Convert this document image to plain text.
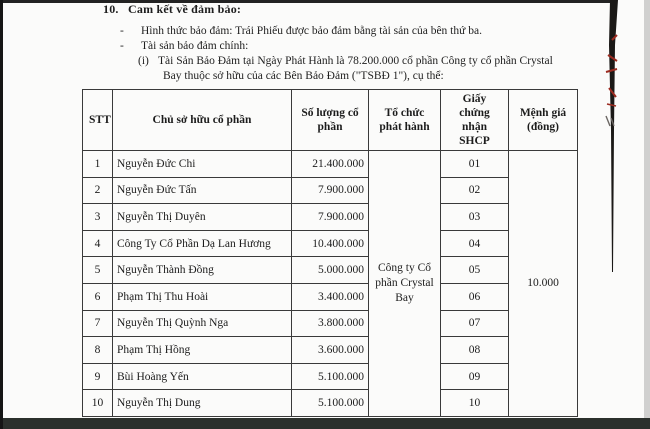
10. Cam kết về đảm bảo:
- Hình thức bảo đảm: Trái Phiếu được bảo đảm bằng tài sản của bên thứ ba.
- Tài sản bảo đảm chính:
(i) Tài Sản Bảo Đảm tại Ngày Phát Hành là 78.200.000 cổ phần Công ty cổ phần Crystal
Bay thuộc sở hữu của các Bên Bảo Đảm ("TSBĐ 1"), cụ thể:
STT	Chủ sở hữu cổ phần	Số lượng cổ phần	Tổ chức phát hành	Giấy chứng nhận SHCP	Mệnh giá (đồng)
1	Nguyễn Đức Chi	21.400.000	Công ty Cổ phần Crystal Bay	01	10.000
2	Nguyễn Đức Tấn	7.900.000		02	
3	Nguyễn Thị Duyên	7.900.000		03	
4	Công Ty Cổ Phần Dạ Lan Hương	10.400.000		04	
5	Nguyễn Thành Đồng	5.000.000		05	
6	Phạm Thị Thu Hoài	3.400.000		06	
7	Nguyễn Thị Quỳnh Nga	3.800.000		07	
8	Phạm Thị Hồng	3.600.000		08	
9	Bùi Hoàng Yến	5.100.000		09	
10	Nguyễn Thị Dung	5.100.000		10	
